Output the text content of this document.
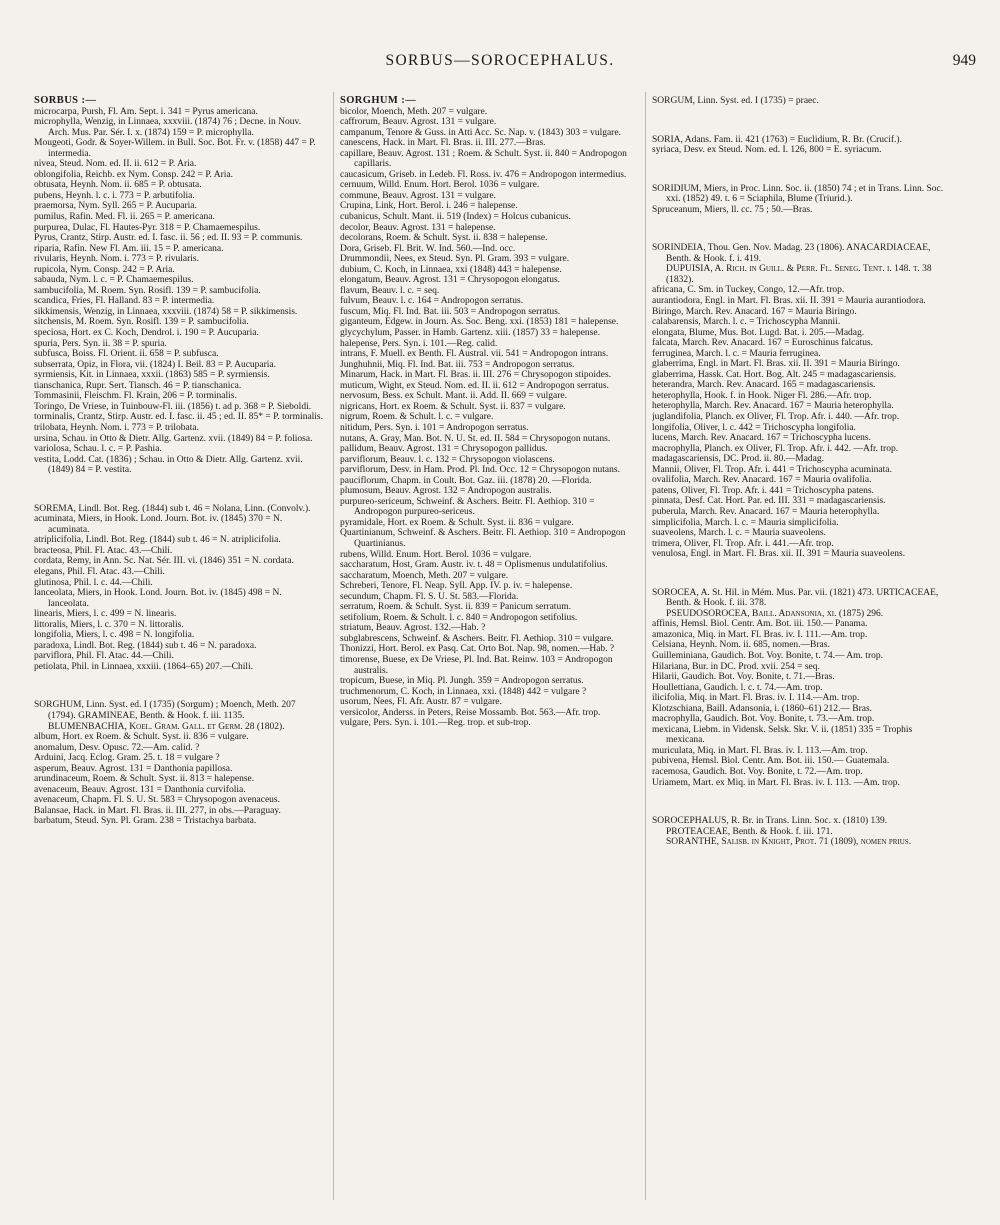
SORBUS—SOROCEPHALUS.	949

SORBUS :—

microcarpa, Pursh, Fl. Am. Sept. i. 341 = Pyrus americana.

microphylla, Wenzig, in Linnaea, xxxviii. (1874) 76 ; Decne. in Nouv. Arch. Mus. Par. Sér. I. x. (1874) 159 = P. microphylla.

Mougeoti, Godr. & Soyer-Willem. in Bull. Soc. Bot. Fr. v. (1858) 447 = P. intermedia.

nivea, Steud. Nom. ed. II. ii. 612 = P. Aria.

oblongifolia, Reichb. ex Nym. Consp. 242 = P. Aria.

obtusata, Heynh. Nom. ii. 685 = P. obtusata.

pubens, Heynh. l. c. i. 773 = P. arbutifolia.

praemorsa, Nym. Syll. 265 = P. Aucuparia.

pumilus, Rafin. Med. Fl. ii. 265 = P. americana.

purpurea, Dulac, Fl. Hautes-Pyr. 318 = P. Chamaemespilus.

Pyrus, Crantz, Stirp. Austr. ed. I. fasc. ii. 56 ; ed. II. 93 = P. communis.

riparia, Rafin. New Fl. Am. iii. 15 = P. americana.

rivularis, Heynh. Nom. i. 773 = P. rivularis.

rupicola, Nym. Consp. 242 = P. Aria.

sabauda, Nym. l. c. = P. Chamaemespilus.

sambucifolia, M. Roem. Syn. Rosifl. 139 = P. sambucifolia.

scandica, Fries, Fl. Halland. 83 = P. intermedia.

sikkimensis, Wenzig, in Linnaea, xxxviii. (1874) 58 = P. sikkimensis.

sitchensis, M. Roem. Syn. Rosifl. 139 = P. sambucifolia.

speciosa, Hort. ex C. Koch, Dendrol. i. 190 = P. Aucuparia.

spuria, Pers. Syn. ii. 38 = P. spuria.

subfusca, Boiss. Fl. Orient. ii. 658 = P. subfusca.

subserrata, Opiz, in Flora, vii. (1824) I. Beil. 83 = P. Aucuparia.

syrmiensis, Kit. in Linnaea, xxxii. (1863) 585 = P. syrmiensis.

tianschanica, Rupr. Sert. Tiansch. 46 = P. tianschanica.

Tommasinii, Fleischm. Fl. Krain, 206 = P. torminalis.

Toringo, De Vriese, in Tuinbouw-Fl. iii. (1856) t. ad p. 368 = P. Sieboldi.

torminalis, Crantz, Stirp. Austr. ed. I. fasc. ii. 45 ; ed. II. 85* = P. torminalis.

trilobata, Heynh. Nom. i. 773 = P. trilobata.

ursina, Schau. in Otto & Dietr. Allg. Gartenz. xvii. (1849) 84 = P. foliosa.

variolosa, Schau. l. c. = P. Pashia.

vestita, Lodd. Cat. (1836) ; Schau. in Otto & Dietr. Allg. Gartenz. xvii. (1849) 84 = P. vestita.

SOREMA, Lindl. Bot. Reg. (1844) sub t. 46 = Nolana, Linn. (Convolv.).

acuminata, Miers, in Hook. Lond. Journ. Bot. iv. (1845) 370 = N. acuminata.

atriplicifolia, Lindl. Bot. Reg. (1844) sub t. 46 = N. atriplicifolia.

bracteosa, Phil. Fl. Atac. 43.—Chili.

cordata, Remy, in Ann. Sc. Nat. Sér. III. vi. (1846) 351 = N. cordata.

elegans, Phil. Fl. Atac. 43.—Chili.

glutinosa, Phil. l. c. 44.—Chili.

lanceolata, Miers, in Hook. Lond. Journ. Bot. iv. (1845) 498 = N. lanceolata.

linearis, Miers, l. c. 499 = N. linearis.

littoralis, Miers, l. c. 370 = N. littoralis.

longifolia, Miers, l. c. 498 = N. longifolia.

paradoxa, Lindl. Bot. Reg. (1844) sub t. 46 = N. paradoxa.

parviflora, Phil. Fl. Atac. 44.—Chili.

petiolata, Phil. in Linnaea, xxxiii. (1864–65) 207.—Chili.

SORGHUM, Linn. Syst. ed. I (1735) (Sorgum) ; Moench, Meth. 207 (1794). GRAMINEAE, Benth. & Hook. f. iii. 1135.

BLUMENBACHIA, Koel. Gram. Gall. et Germ. 28 (1802).

album, Hort. ex Roem. & Schult. Syst. ii. 836 = vulgare.

anomalum, Desv. Opusc. 72.—Am. calid. ?

Arduini, Jacq. Eclog. Gram. 25. t. 18 = vulgare ?

asperum, Beauv. Agrost. 131 = Danthonia papillosa.

arundinaceum, Roem. & Schult. Syst. ii. 813 = halepense.

avenaceum, Beauv. Agrost. 131 = Danthonia curvifolia.

avenaceum, Chapm. Fl. S. U. St. 583 = Chrysopogon avenaceus.

Balansae, Hack. in Mart. Fl. Bras. ii. III. 277, in obs.—Paraguay.

barbatum, Steud. Syn. Pl. Gram. 238 = Tristachya barbata.

SORGHUM :—

bicolor, Moench, Meth. 207 = vulgare.

caffrorum, Beauv. Agrost. 131 = vulgare.

campanum, Tenore & Guss. in Atti Acc. Sc. Nap. v. (1843) 303 = vulgare.

canescens, Hack. in Mart. Fl. Bras. ii. III. 277.—Bras.

capillare, Beauv. Agrost. 131 ; Roem. & Schult. Syst. ii. 840 = Andropogon capillaris.

caucasicum, Griseb. in Ledeb. Fl. Ross. iv. 476 = Andropogon intermedius.

cernuum, Willd. Enum. Hort. Berol. 1036 = vulgare.

commune, Beauv. Agrost. 131 = vulgare.

Crupina, Link, Hort. Berol. i. 246 = halepense.

cubanicus, Schult. Mant. ii. 519 (Index) = Holcus cubanicus.

decolor, Beauv. Agrost. 131 = halepense.

decolorans, Roem. & Schult. Syst. ii. 838 = halepense.

Dora, Griseb. Fl. Brit. W. Ind. 560.—Ind. occ.

Drummondii, Nees, ex Steud. Syn. Pl. Gram. 393 = vulgare.

dubium, C. Koch, in Linnaea, xxi (1848) 443 = halepense.

elongatum, Beauv. Agrost. 131 = Chrysopogon elongatus.

flavum, Beauv. l. c. = seq.

fulvum, Beauv. l. c. 164 = Andropogon serratus.

fuscum, Miq. Fl. Ind. Bat. iii. 503 = Andropogon serratus.

giganteum, Edgew. in Journ. As. Soc. Beng. xxi. (1853) 181 = halepense.

glycychylum, Passer. in Hamb. Gartenz. xiii. (1857) 33 = halepense.

halepense, Pers. Syn. i. 101.—Reg. calid.

intrans, F. Muell. ex Benth. Fl. Austral. vii. 541 = Andropogon intrans.

Junghuhnii, Miq. Fl. Ind. Bat. iii. 753 = Andropogon serratus.

Minarum, Hack. in Mart. Fl. Bras. ii. III. 276 = Chrysopogon stipoides.

muticum, Wight, ex Steud. Nom. ed. II. ii. 612 = Andropogon serratus.

nervosum, Bess. ex Schult. Mant. ii. Add. II. 669 = vulgare.

nigricans, Hort. ex Roem. & Schult. Syst. ii. 837 = vulgare.

nigrum, Roem. & Schult. l. c. = vulgare.

nitidum, Pers. Syn. i. 101 = Andropogon serratus.

nutans, A. Gray, Man. Bot. N. U. St. ed. II. 584 = Chrysopogon nutans.

pallidum, Beauv. Agrost. 131 = Chrysopogon pallidus.

parviflorum, Beauv. l. c. 132 = Chrysopogon violascens.

parviflorum, Desv. in Ham. Prod. Pl. Ind. Occ. 12 = Chrysopogon nutans.

pauciflorum, Chapm. in Coult. Bot. Gaz. iii. (1878) 20. —Florida.

plumosum, Beauv. Agrost. 132 = Andropogon australis.

purpureo-sericeum, Schweinf. & Aschers. Beitr. Fl. Aethiop. 310 = Andropogon purpureo-sericeus.

pyramidale, Hort. ex Roem. & Schult. Syst. ii. 836 = vulgare.

Quartinianum, Schweinf. & Aschers. Beitr. Fl. Aethiop. 310 = Andropogon Quartinianus.

rubens, Willd. Enum. Hort. Berol. 1036 = vulgare.

saccharatum, Host, Gram. Austr. iv. t. 48 = Oplismenus undulatifolius.

saccharatum, Moench, Meth. 207 = vulgare.

Schreberi, Tenore, Fl. Neap. Syll. App. IV. p. iv. = halepense.

secundum, Chapm. Fl. S. U. St. 583.—Florida.

serratum, Roem. & Schult. Syst. ii. 839 = Panicum serratum.

setifolium, Roem. & Schult. l. c. 840 = Andropogon setifolius.

striatum, Beauv. Agrost. 132.—Hab. ?

subglabrescens, Schweinf. & Aschers. Beitr. Fl. Aethiop. 310 = vulgare.

Thonizzi, Hort. Berol. ex Pasq. Cat. Orto Bot. Nap. 98, nomen.—Hab. ?

timorense, Buese, ex De Vriese, Pl. Ind. Bat. Reinw. 103 = Andropogon australis.

tropicum, Buese, in Miq. Pl. Jungh. 359 = Andropogon serratus.

truchmenorum, C. Koch, in Linnaea, xxi. (1848) 442 = vulgare ?

usorum, Nees, Fl. Afr. Austr. 87 = vulgare.

versicolor, Anderss. in Peters, Reise Mossamb. Bot. 563.—Afr. trop.

vulgare, Pers. Syn. i. 101.—Reg. trop. et sub-trop.

SORGUM, Linn. Syst. ed. I (1735) = praec.

SORIA, Adans. Fam. ii. 421 (1763) = Euclidium, R. Br. (Crucif.).

syriaca, Desv. ex Steud. Nom. ed. I. 126, 800 = E. syriacum.

SORIDIUM, Miers, in Proc. Linn. Soc. ii. (1850) 74 ; et in Trans. Linn. Soc. xxi. (1852) 49. t. 6 = Sciaphila, Blume (Triurid.).

Spruceanum, Miers, ll. cc. 75 ; 50.—Bras.

SORINDEIA, Thou. Gen. Nov. Madag. 23 (1806). ANACARDIACEAE, Benth. & Hook. f. i. 419.

DUPUISIA, A. Rich. in Guill. & Perr. Fl. Seneg. Tent. i. 148. t. 38 (1832).

africana, C. Sm. in Tuckey, Congo, 12.—Afr. trop.

aurantiodora, Engl. in Mart. Fl. Bras. xii. II. 391 = Mauria aurantiodora.

Biringo, March. Rev. Anacard. 167 = Mauria Biringo.

calabarensis, March. l. c. = Trichoscypha Mannii.

elongata, Blume, Mus. Bot. Lugd. Bat. i. 205.—Madag.

falcata, March. Rev. Anacard. 167 = Euroschinus falcatus.

ferruginea, March. l. c. = Mauria ferruginea.

glaberrima, Engl. in Mart. Fl. Bras. xii. II. 391 = Mauria Biringo.

glaberrima, Hassk. Cat. Hort. Bog. Alt. 245 = madagascariensis.

heterandra, March. Rev. Anacard. 165 = madagascariensis.

heterophylla, Hook. f. in Hook. Niger Fl. 286.—Afr. trop.

heterophylla, March. Rev. Anacard. 167 = Mauria heterophylla.

juglandifolia, Planch. ex Oliver, Fl. Trop. Afr. i. 440. —Afr. trop.

longifolia, Oliver, l. c. 442 = Trichoscypha longifolia.

lucens, March. Rev. Anacard. 167 = Trichoscypha lucens.

macrophylla, Planch. ex Oliver, Fl. Trop. Afr. i. 442. —Afr. trop.

madagascariensis, DC. Prod. ii. 80.—Madag.

Mannii, Oliver, Fl. Trop. Afr. i. 441 = Trichoscypha acuminata.

ovalifolia, March. Rev. Anacard. 167 = Mauria ovalifolia.

patens, Oliver, Fl. Trop. Afr. i. 441 = Trichoscypha patens.

pinnata, Desf. Cat. Hort. Par. ed. III. 331 = madagascariensis.

puberula, March. Rev. Anacard. 167 = Mauria heterophylla.

simplicifolia, March. l. c. = Mauria simplicifolia.

suaveolens, March. l. c. = Mauria suaveolens.

trimera, Oliver, Fl. Trop. Afr. i. 441.—Afr. trop.

venulosa, Engl. in Mart. Fl. Bras. xii. II. 391 = Mauria suaveolens.

SOROCEA, A. St. Hil. in Mém. Mus. Par. vii. (1821) 473. URTICACEAE, Benth. & Hook. f. iii. 378.

PSEUDOSOROCEA, Baill. Adansonia, xi. (1875) 296.

affinis, Hemsl. Biol. Centr. Am. Bot. iii. 150.— Panama.

amazonica, Miq. in Mart. Fl. Bras. iv. I. 111.—Am. trop.

Celsiana, Heynh. Nom. ii. 685, nomen.—Bras.

Guilleminiana, Gaudich. Bot. Voy. Bonite, t. 74.— Am. trop.

Hilariana, Bur. in DC. Prod. xvii. 254 = seq.

Hilarii, Gaudich. Bot. Voy. Bonite, t. 71.—Bras.

Houllettiana, Gaudich. l. c. t. 74.—Am. trop.

ilicifolia, Miq. in Mart. Fl. Bras. iv. I. 114.—Am. trop.

Klotzschiana, Baill. Adansonia, i. (1860–61) 212.— Bras.

macrophylla, Gaudich. Bot. Voy. Bonite, t. 73.—Am. trop.

mexicana, Liebm. in Vidensk. Selsk. Skr. V. ii. (1851) 335 = Trophis mexicana.

muriculata, Miq. in Mart. Fl. Bras. iv. I. 113.—Am. trop.

pubivena, Hemsl. Biol. Centr. Am. Bot. iii. 150.— Guatemala.

racemosa, Gaudich. Bot. Voy. Bonite, t. 72.—Am. trop.

Uriamem, Mart. ex Miq. in Mart. Fl. Bras. iv. I. 113. —Am. trop.

SOROCEPHALUS, R. Br. in Trans. Linn. Soc. x. (1810) 139. PROTEACEAE, Benth. & Hook. f. iii. 171.

SORANTHE, Salisb. in Knight, Prot. 71 (1809), nomen prius.
